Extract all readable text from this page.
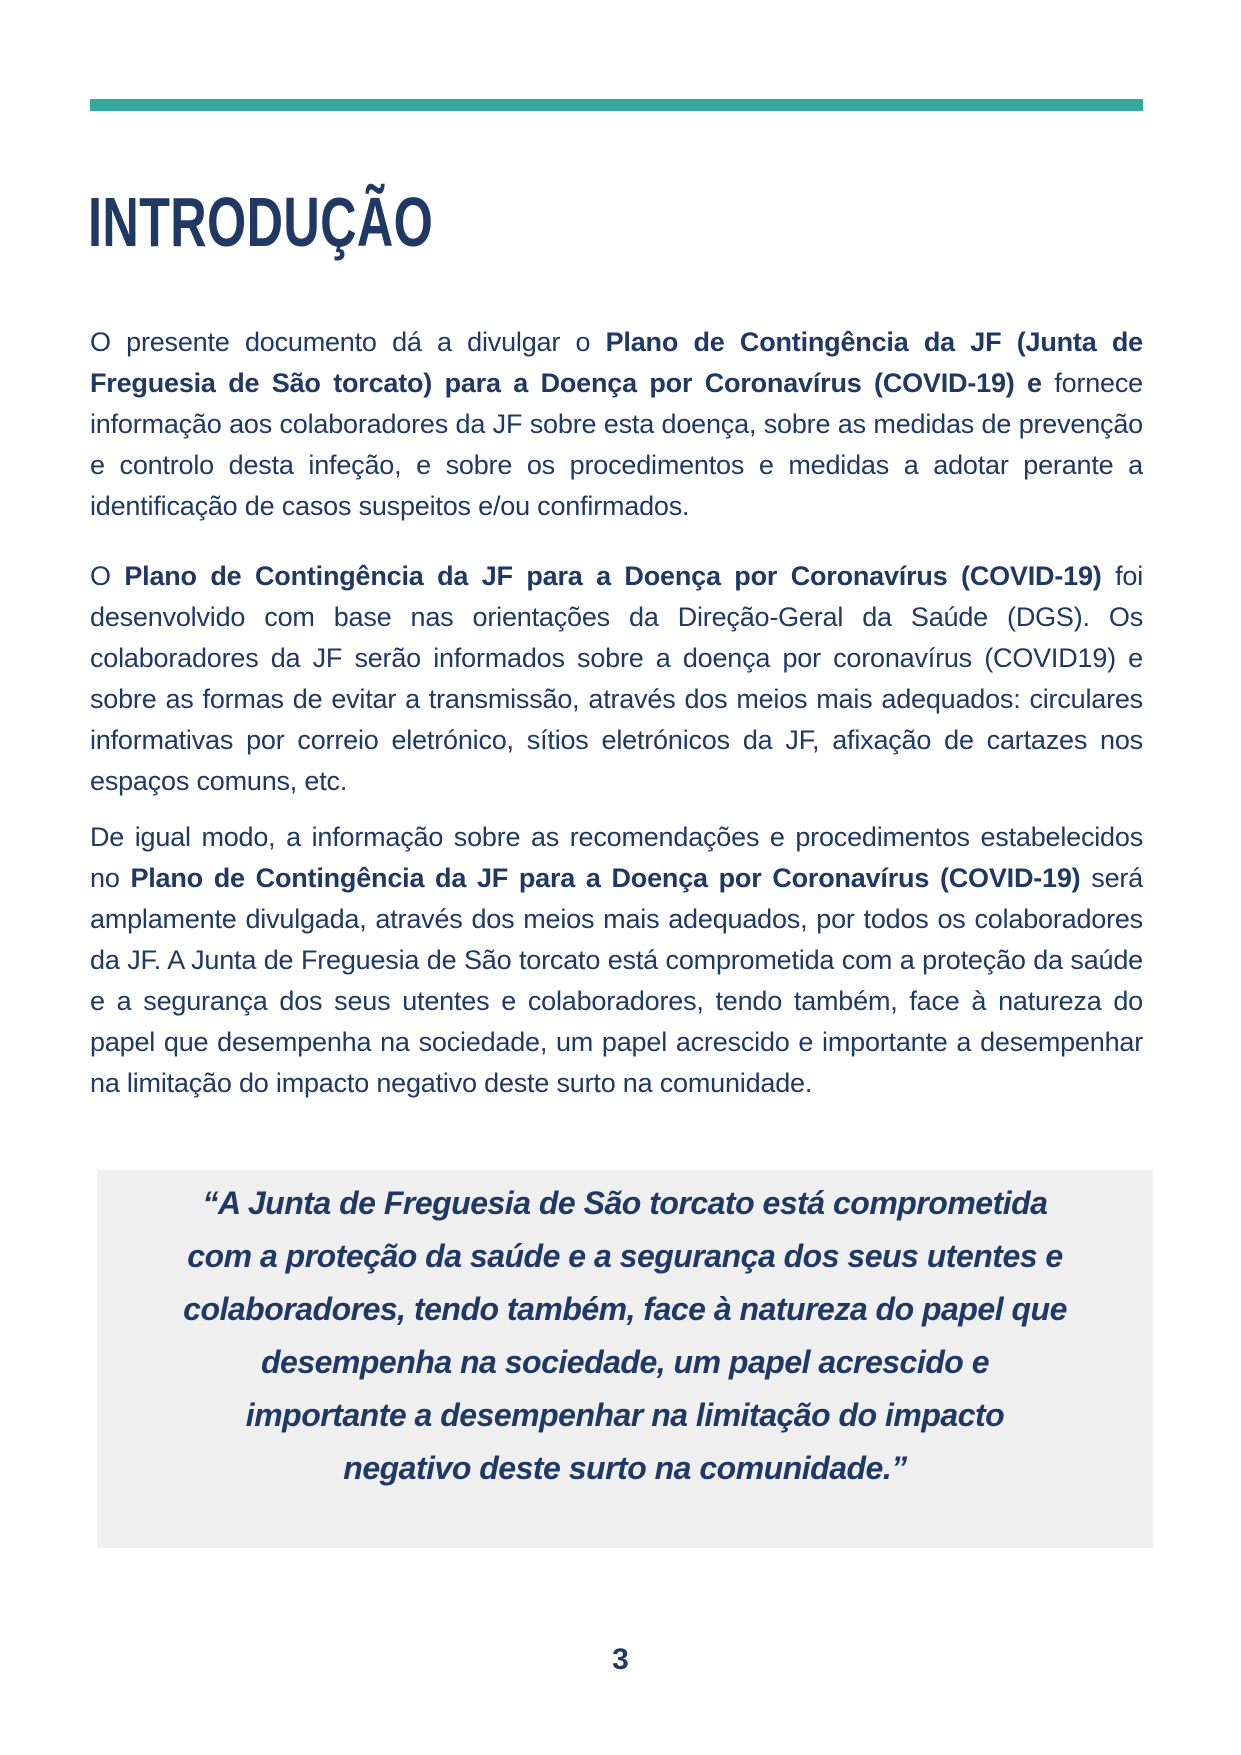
INTRODUÇÃO

O presente documento dá a divulgar o Plano de Contingência da JF (Junta de Freguesia de São torcato) para a Doença por Coronavírus (COVID-19) e fornece informação aos colaboradores da JF sobre esta doença, sobre as medidas de prevenção e controlo desta infeção, e sobre os procedimentos e medidas a adotar perante a identificação de casos suspeitos e/ou confirmados.

O Plano de Contingência da JF para a Doença por Coronavírus (COVID-19) foi desenvolvido com base nas orientações da Direção-Geral da Saúde (DGS). Os colaboradores da JF serão informados sobre a doença por coronavírus (COVID19) e sobre as formas de evitar a transmissão, através dos meios mais adequados: circulares informativas por correio eletrónico, sítios eletrónicos da JF, afixação de cartazes nos espaços comuns, etc.

De igual modo, a informação sobre as recomendações e procedimentos estabelecidos no Plano de Contingência da JF para a Doença por Coronavírus (COVID-19) será amplamente divulgada, através dos meios mais adequados, por todos os colaboradores da JF. A Junta de Freguesia de São torcato está comprometida com a proteção da saúde e a segurança dos seus utentes e colaboradores, tendo também, face à natureza do papel que desempenha na sociedade, um papel acrescido e importante a desempenhar na limitação do impacto negativo deste surto na comunidade.

“A Junta de Freguesia de São torcato está comprometida com a proteção da saúde e a segurança dos seus utentes e colaboradores, tendo também, face à natureza do papel que desempenha na sociedade, um papel acrescido e importante a desempenhar na limitação do impacto negativo deste surto na comunidade.”

3
